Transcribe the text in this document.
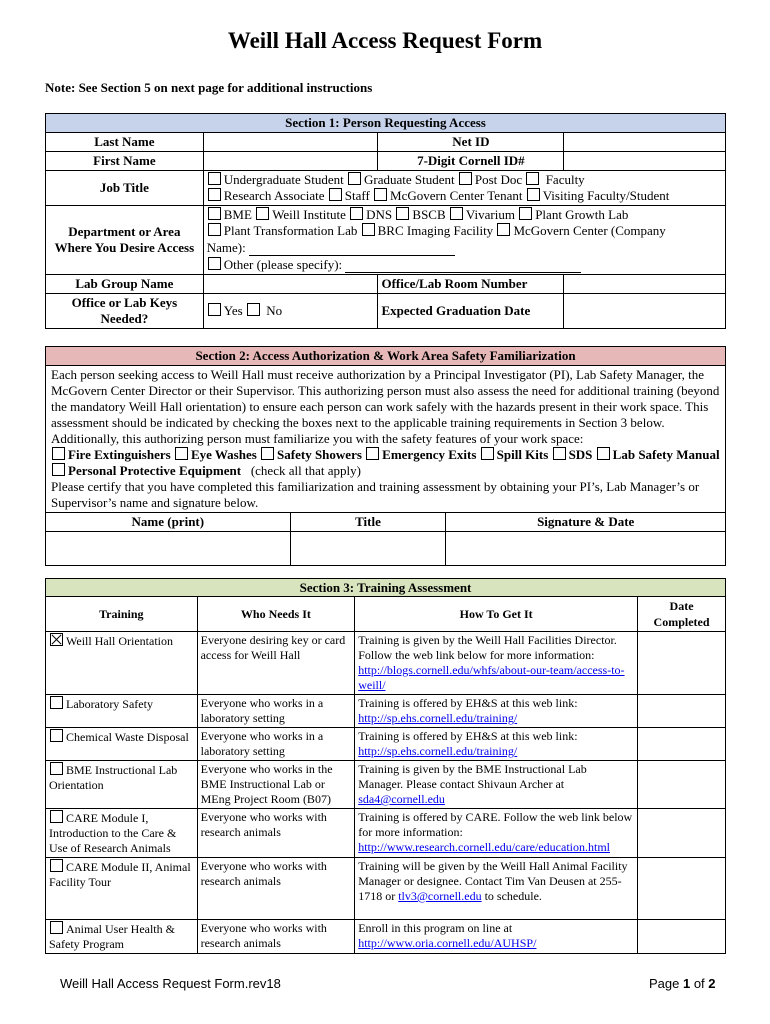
Weill Hall Access Request Form
Note: See Section 5 on next page for additional instructions
Section 1: Person Requesting Access			
Last Name		Net ID	
First Name		7-Digit Cornell ID#	
Job Title	Undergraduate Student Graduate Student Post Doc Faculty
Research Associate Staff McGovern Center Tenant Visiting Faculty/Student		

Department or Area Where You Desire Access	BME Weill Institute DNS BSCB Vivarium Plant Growth Lab
Plant Transformation Lab BRC Imaging Facility McGovern Center (Company
Name):
Other (please specify):		

Lab Group Name		Office/Lab Room Number	
Office or Lab Keys Needed?	Yes No	Expected Graduation Date	
Section 2: Access Authorization & Work Area Safety Familiarization		
Each person seeking access to Weill Hall must receive authorization by a Principal Investigator (PI), Lab Safety Manager, the McGovern Center Director or their Supervisor. This authorizing person must also assess the need for additional training (beyond the mandatory Weill Hall orientation) to ensure each person can work safely with the hazards present in their work space. This assessment should be indicated by checking the boxes next to the applicable training requirements in Section 3 below. Additionally, this authorizing person must familiarize you with the safety features of your work space:
Fire Extinguishers Eye Washes Safety Showers Emergency Exits Spill Kits SDS Lab Safety Manual Personal Protective Equipment (check all that apply)
Please certify that you have completed this familiarization and training assessment by obtaining your PI’s, Lab Manager’s or Supervisor’s name and signature below.		
Name (print)	Title	Signature & Date

Section 3: Training Assessment			
Training	Who Needs It	How To Get It	Date Completed
Weill Hall Orientation	Everyone desiring key or card access for Weill Hall	Training is given by the Weill Hall Facilities Director. Follow the web link below for more information: http://blogs.cornell.edu/whfs/about-our-team/access-to-weill/	
Laboratory Safety	Everyone who works in a laboratory setting	Training is offered by EH&S at this web link: http://sp.ehs.cornell.edu/training/	
Chemical Waste Disposal	Everyone who works in a laboratory setting	Training is offered by EH&S at this web link: http://sp.ehs.cornell.edu/training/	
BME Instructional Lab Orientation	Everyone who works in the BME Instructional Lab or MEng Project Room (B07)	Training is given by the BME Instructional Lab Manager. Please contact Shivaun Archer at sda4@cornell.edu	
CARE Module I, Introduction to the Care & Use of Research Animals	Everyone who works with research animals	Training is offered by CARE. Follow the web link below for more information: http://www.research.cornell.edu/care/education.html	
CARE Module II, Animal Facility Tour	Everyone who works with research animals	Training will be given by the Weill Hall Animal Facility Manager or designee. Contact Tim Van Deusen at 255-1718 or tlv3@cornell.edu to schedule.	
Animal User Health & Safety Program	Everyone who works with research animals	Enroll in this program on line at http://www.oria.cornell.edu/AUHSP/	
Weill Hall Access Request Form.rev18	Page 1 of 2
